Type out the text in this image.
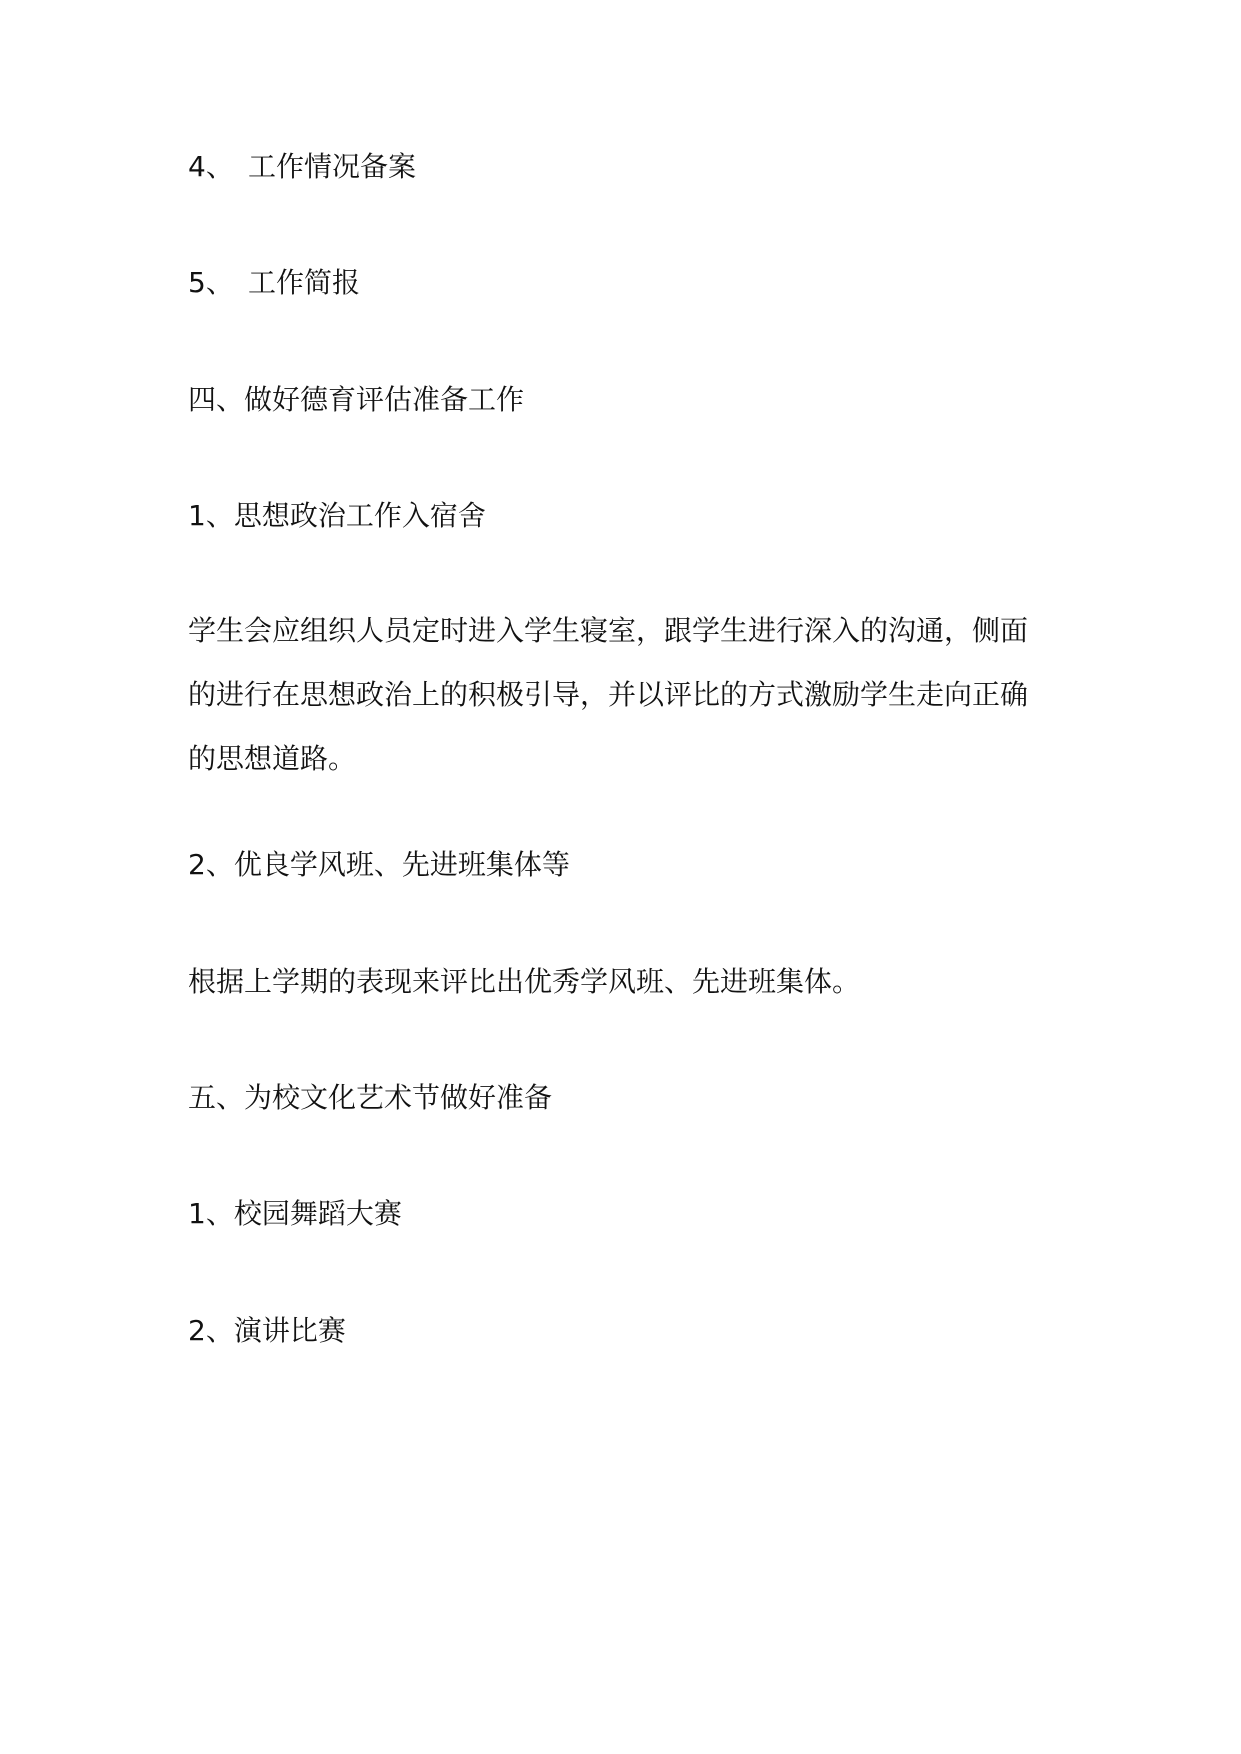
4、 工作情况备案

5、 工作简报

四、做好德育评估准备工作

1、思想政治工作入宿舍

学生会应组织人员定时进入学生寝室，跟学生进行深入的沟通，侧面
的进行在思想政治上的积极引导，并以评比的方式激励学生走向正确
的思想道路。

2、优良学风班、先进班集体等

根据上学期的表现来评比出优秀学风班、先进班集体。

五、为校文化艺术节做好准备

1、校园舞蹈大赛

2、演讲比赛
